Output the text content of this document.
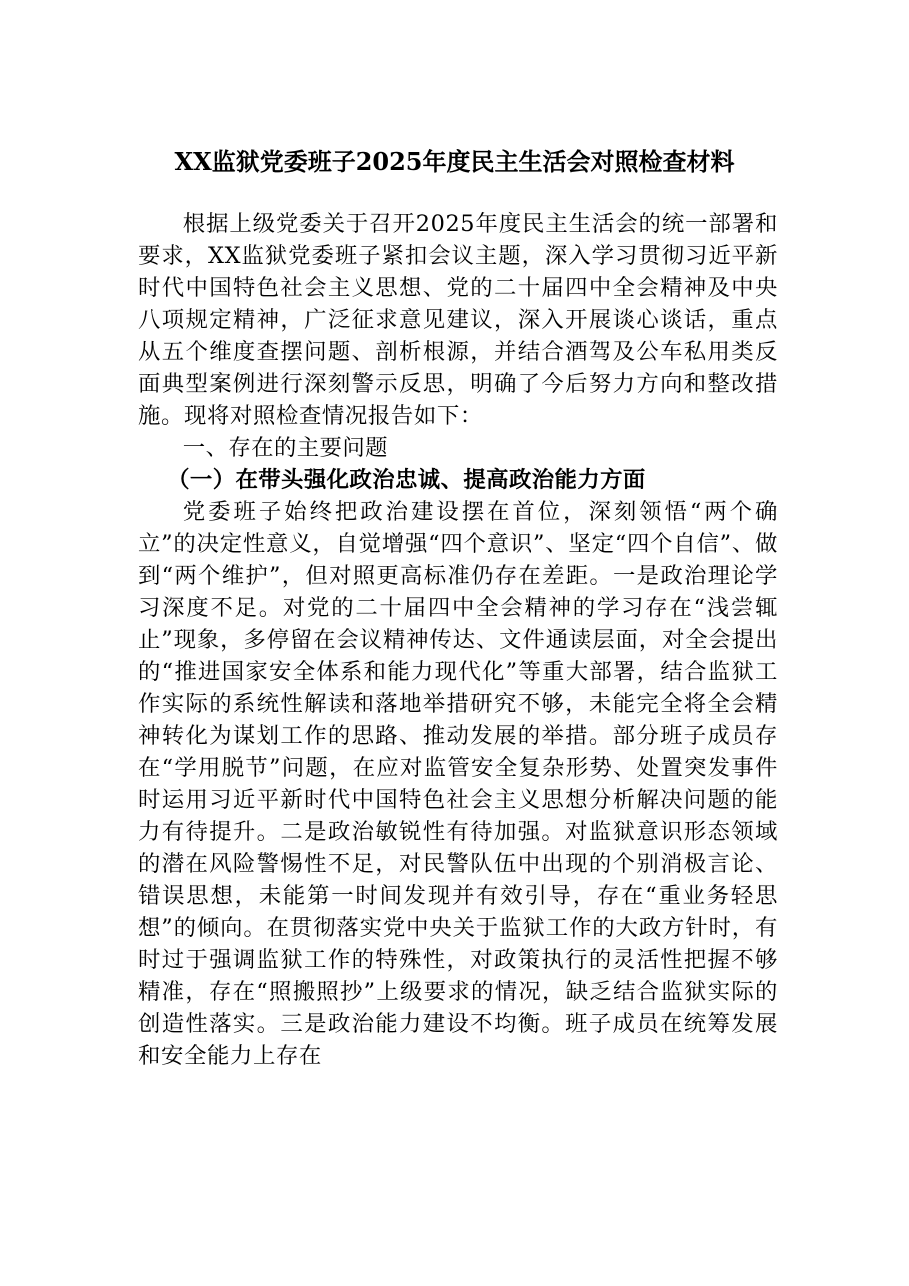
XX监狱党委班子2025年度民主生活会对照检查材料

根据上级党委关于召开2025年度民主生活会的统一部署和要求，XX监狱党委班子紧扣会议主题，深入学习贯彻习近平新时代中国特色社会主义思想、党的二十届四中全会精神及中央八项规定精神，广泛征求意见建议，深入开展谈心谈话，重点从五个维度查摆问题、剖析根源，并结合酒驾及公车私用类反面典型案例进行深刻警示反思，明确了今后努力方向和整改措施。现将对照检查情况报告如下：

一、存在的主要问题

（一）在带头强化政治忠诚、提高政治能力方面

党委班子始终把政治建设摆在首位，深刻领悟“两个确立”的决定性意义，自觉增强“四个意识”、坚定“四个自信”、做到“两个维护”，但对照更高标准仍存在差距。一是政治理论学习深度不足。对党的二十届四中全会精神的学习存在“浅尝辄止”现象，多停留在会议精神传达、文件通读层面，对全会提出的“推进国家安全体系和能力现代化”等重大部署，结合监狱工作实际的系统性解读和落地举措研究不够，未能完全将全会精神转化为谋划工作的思路、推动发展的举措。部分班子成员存在“学用脱节”问题，在应对监管安全复杂形势、处置突发事件时运用习近平新时代中国特色社会主义思想分析解决问题的能力有待提升。二是政治敏锐性有待加强。对监狱意识形态领域的潜在风险警惕性不足，对民警队伍中出现的个别消极言论、错误思想，未能第一时间发现并有效引导，存在“重业务轻思想”的倾向。在贯彻落实党中央关于监狱工作的大政方针时，有时过于强调监狱工作的特殊性，对政策执行的灵活性把握不够精准，存在“照搬照抄”上级要求的情况，缺乏结合监狱实际的创造性落实。三是政治能力建设不均衡。班子成员在统筹发展和安全能力上存在
